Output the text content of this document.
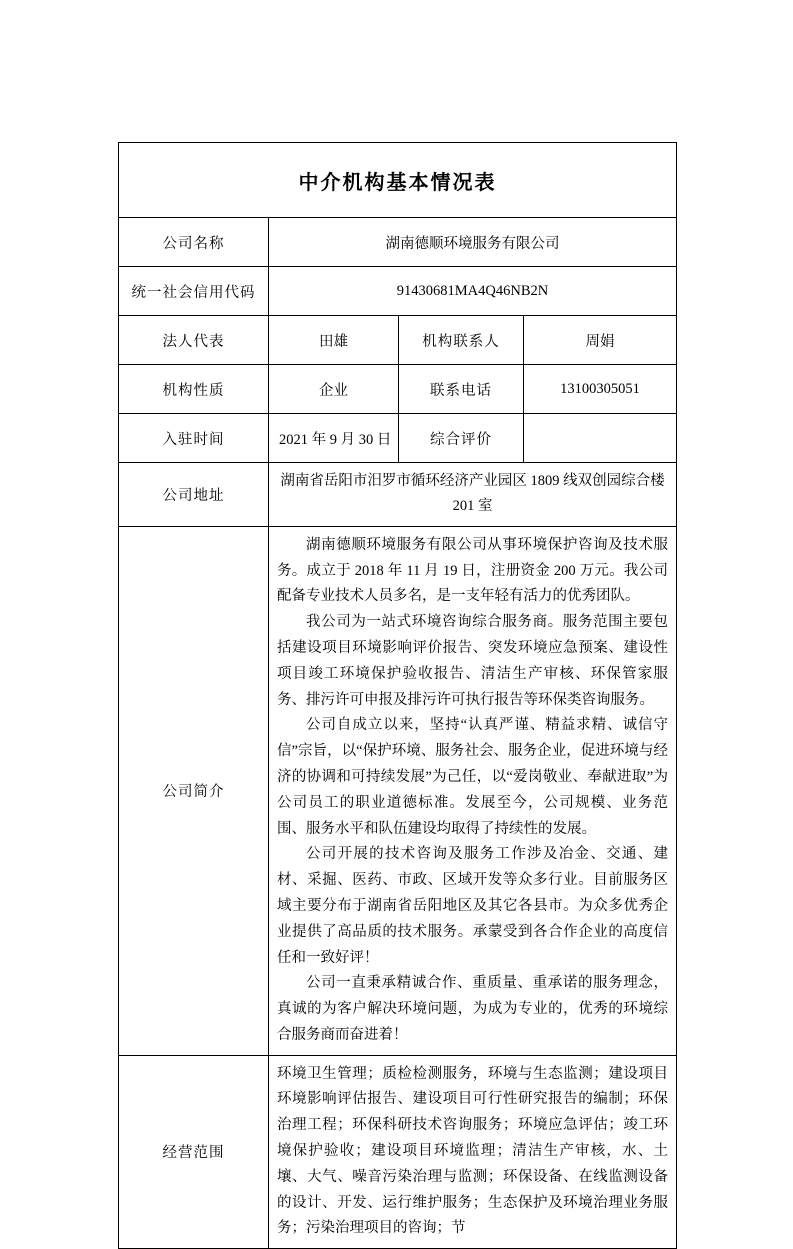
中介机构基本情况表			
公司名称	湖南德顺环境服务有限公司		
统一社会信用代码	91430681MA4Q46NB2N		
法人代表	田雄	机构联系人	周娟
机构性质	企业	联系电话	13100305051
入驻时间	2021 年 9 月 30 日	综合评价	
公司地址	湖南省岳阳市汨罗市循环经济产业园区 1809 线双创园综合楼 201 室		
公司简介	湖南德顺环境服务有限公司从事环境保护咨询及技术服务。成立于 2018 年 11 月 19 日，注册资金 200 万元。我公司配备专业技术人员多名，是一支年轻有活力的优秀团队。

我公司为一站式环境咨询综合服务商。服务范围主要包括建设项目环境影响评价报告、突发环境应急预案、建设性项目竣工环境保护验收报告、清洁生产审核、环保管家服务、排污许可申报及排污许可执行报告等环保类咨询服务。

公司自成立以来，坚持“认真严谨、精益求精、诚信守信”宗旨，以“保护环境、服务社会、服务企业，促进环境与经济的协调和可持续发展”为己任，以“爱岗敬业、奉献进取”为公司员工的职业道德标准。发展至今，公司规模、业务范围、服务水平和队伍建设均取得了持续性的发展。

公司开展的技术咨询及服务工作涉及冶金、交通、建材、采掘、医药、市政、区域开发等众多行业。目前服务区域主要分布于湖南省岳阳地区及其它各县市。为众多优秀企业提供了高品质的技术服务。承蒙受到各合作企业的高度信任和一致好评！

公司一直秉承精诚合作、重质量、重承诺的服务理念，真诚的为客户解决环境问题，为成为专业的，优秀的环境综合服务商而奋进着！		

经营范围	环境卫生管理；质检检测服务，环境与生态监测；建设项目环境影响评估报告、建设项目可行性研究报告的编制；环保治理工程；环保科研技术咨询服务；环境应急评估；竣工环境保护验收；建设项目环境监理；清洁生产审核，水、土壤、大气、噪音污染治理与监测；环保设备、在线监测设备的设计、开发、运行维护服务；生态保护及环境治理业务服务；污染治理项目的咨询；节		
